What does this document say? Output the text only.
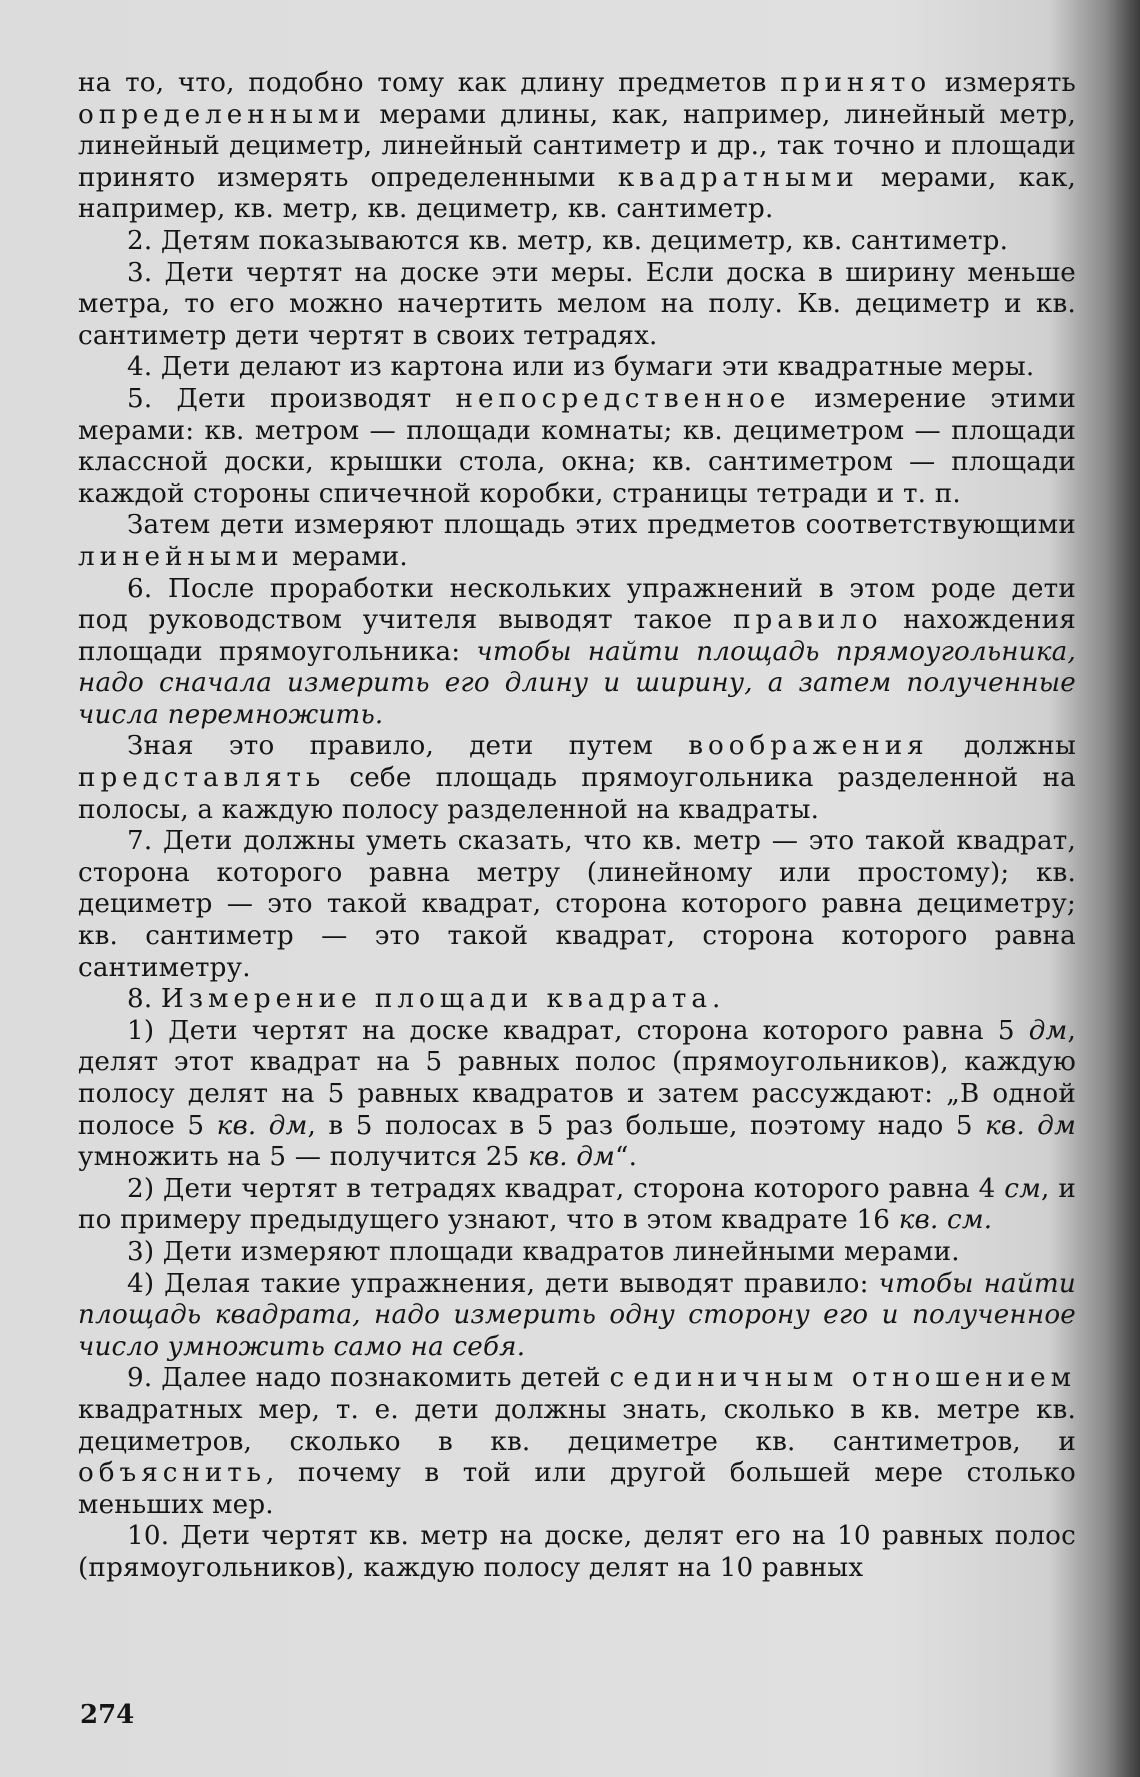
на то, что, подобно тому как длину предметов принято измерять определенными мерами длины, как, например, линейный метр, линейный дециметр, линейный сантиметр и др., так точно и площади принято измерять определенными квадратными мерами, как, например, кв. метр, кв. дециметр, кв. сантиметр.
2. Детям показываются кв. метр, кв. дециметр, кв. сантиметр.
3. Дети чертят на доске эти меры. Если доска в ширину меньше метра, то его можно начертить мелом на полу. Кв. дециметр и кв. сантиметр дети чертят в своих тетрадях.
4. Дети делают из картона или из бумаги эти квадратные меры.
5. Дети производят непосредственное измерение этими мерами: кв. метром — площади комнаты; кв. дециметром — площади классной доски, крышки стола, окна; кв. сантиметром — площади каждой стороны спичечной коробки, страницы тетради и т. п.
Затем дети измеряют площадь этих предметов соответствующими линейными мерами.
6. После проработки нескольких упражнений в этом роде дети под руководством учителя выводят такое правило нахождения площади прямоугольника: чтобы найти площадь прямоугольника, надо сначала измерить его длину и ширину, а затем полученные числа перемножить.
Зная это правило, дети путем воображения должны представлять себе площадь прямоугольника разделенной на полосы, а каждую полосу разделенной на квадраты.
7. Дети должны уметь сказать, что кв. метр — это такой квадрат, сторона которого равна метру (линейному или простому); кв. дециметр — это такой квадрат, сторона которого равна дециметру; кв. сантиметр — это такой квадрат, сторона которого равна сантиметру.
8. Измерение площади квадрата.
1) Дети чертят на доске квадрат, сторона которого равна 5 дм, делят этот квадрат на 5 равных полос (прямоугольников), каждую полосу делят на 5 равных квадратов и затем рассуждают: „В одной полосе 5 кв. дм, в 5 полосах в 5 раз больше, поэтому надо 5 кв. дм умножить на 5 — получится 25 кв. дм“.
2) Дети чертят в тетрадях квадрат, сторона которого равна 4 см, и по примеру предыдущего узнают, что в этом квадрате 16 кв. см.
3) Дети измеряют площади квадратов линейными мерами.
4) Делая такие упражнения, дети выводят правило: чтобы найти площадь квадрата, надо измерить одну сторону его и полученное число умножить само на себя.
9. Далее надо познакомить детей с единичным отношением квадратных мер, т. е. дети должны знать, сколько в кв. метре кв. дециметров, сколько в кв. дециметре кв. сантиметров, и объяснить, почему в той или другой большей мере столько меньших мер.
10. Дети чертят кв. метр на доске, делят его на 10 равных полос (прямоугольников), каждую полосу делят на 10 равных
274
